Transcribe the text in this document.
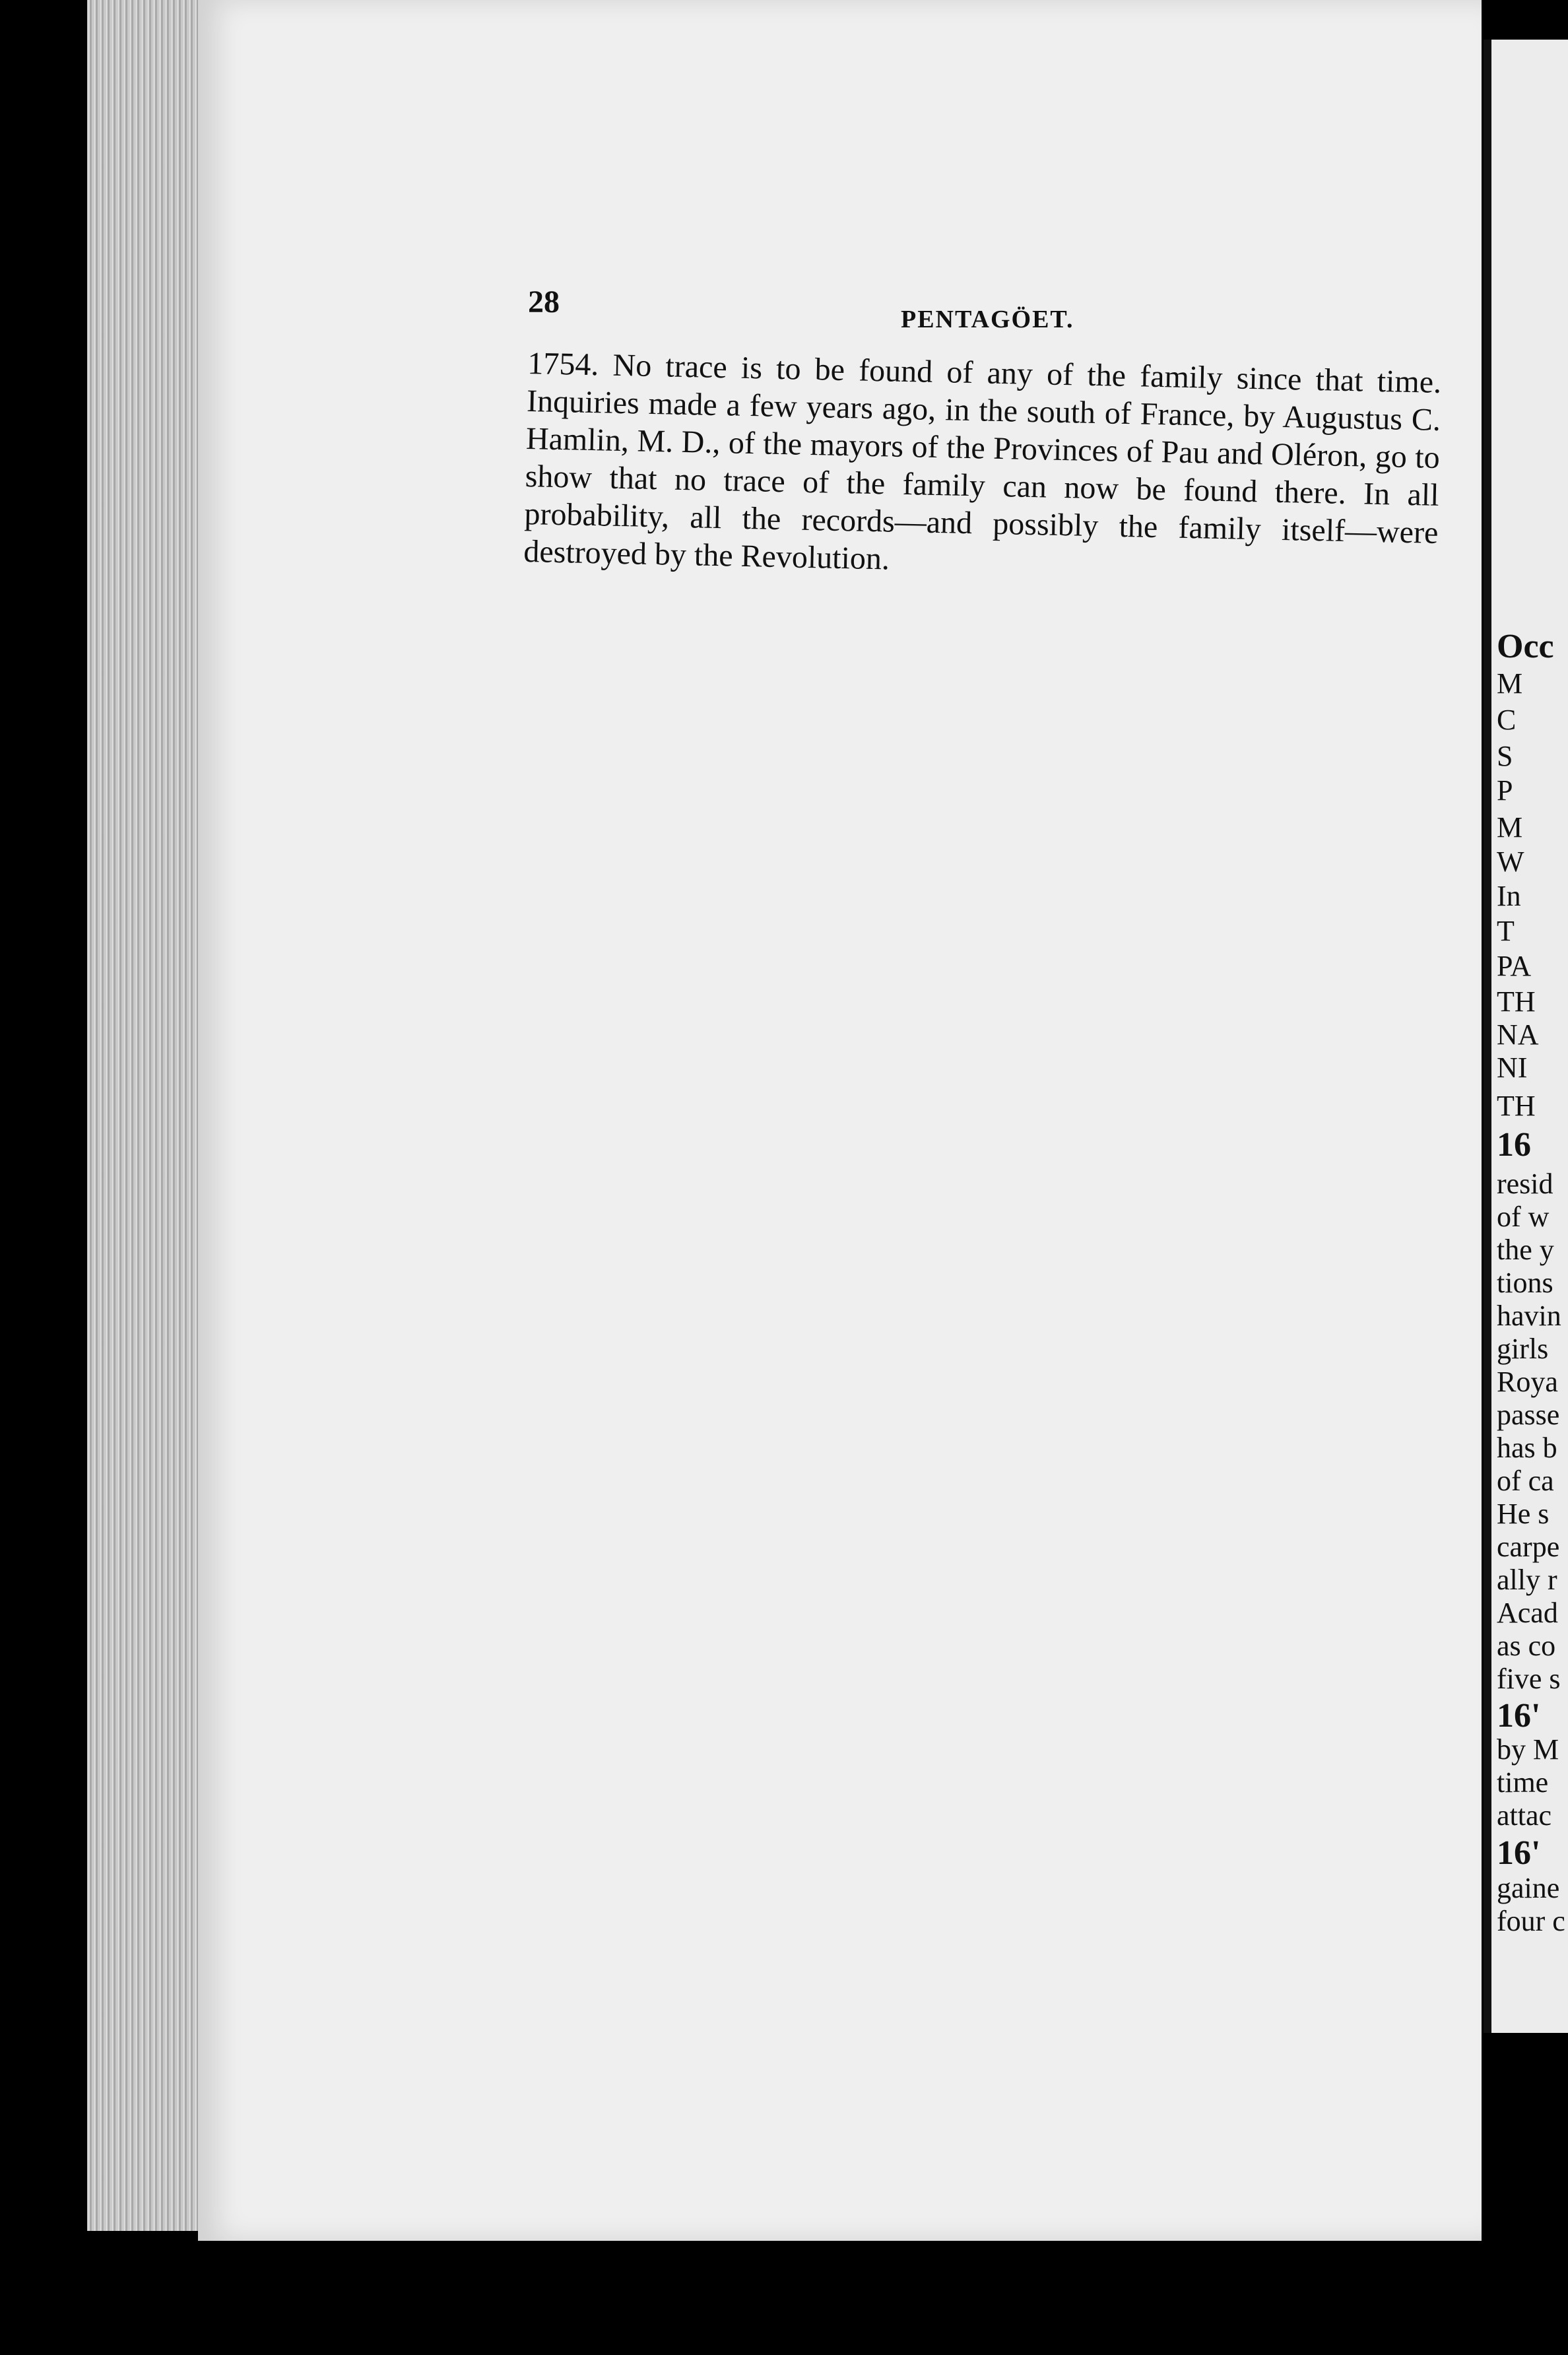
28	PENTAGÖET.

1754. No trace is to be found of any of the family since that time. Inquiries made a few years ago, in the south of France, by Augustus C. Hamlin, M. D., of the mayors of the Provinces of Pau and Oléron, go to show that no trace of the family can now be found there. In all probability, all the records—and possibly the family itself—were destroyed by the Revolution.

Occ
M
C
S
P
M
W
In
T
PA
TH
NA
NI
TH
16
resid
of w
the y
tions
havin
girls
Roya
passe
has b
of ca
He s
carpe
ally r
Acad
as co
five s
16'
by M
time
attac
16'
gaine
four c
